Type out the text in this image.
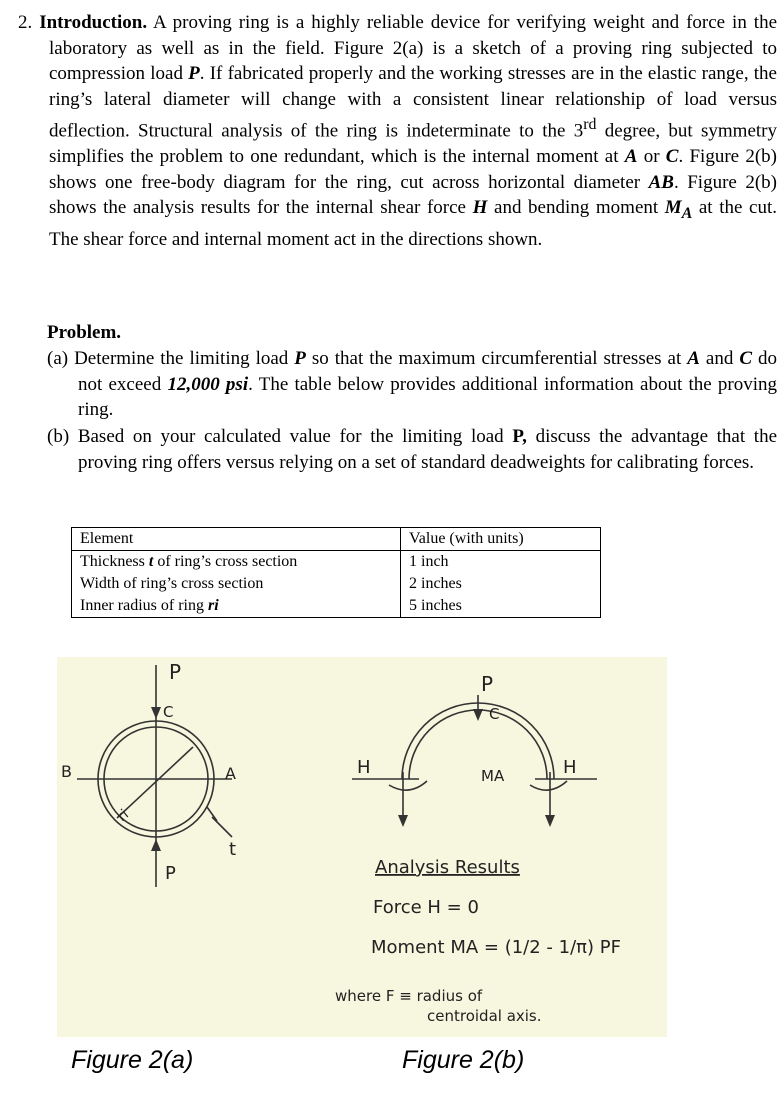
2. Introduction. A proving ring is a highly reliable device for verifying weight and force in the laboratory as well as in the field. Figure 2(a) is a sketch of a proving ring subjected to compression load P. If fabricated properly and the working stresses are in the elastic range, the ring’s lateral diameter will change with a consistent linear relationship of load versus deflection. Structural analysis of the ring is indeterminate to the 3rd degree, but symmetry simplifies the problem to one redundant, which is the internal moment at A or C. Figure 2(b) shows one free-body diagram for the ring, cut across horizontal diameter AB. Figure 2(b) shows the analysis results for the internal shear force H and bending moment $M_A$ at the cut. The shear force and internal moment act in the directions shown.
Problem.
(a) Determine the limiting load P so that the maximum circumferential stresses at A and C do not exceed 12,000 psi. The table below provides additional information about the proving ring.
(b) Based on your calculated value for the limiting load P, discuss the advantage that the proving ring offers versus relying on a set of standard deadweights for calibrating forces.
Element	Value (with units)
Thickness t of ring’s cross section	1 inch
Width of ring’s cross section	2 inches
Inner radius of ring ri	5 inches
P
C
B	A
ri
t
P
P
C
H	H
MA
Analysis Results
Force H = 0
Moment MA = (1/2 - 1/π) PF
where F ≡ radius of
centroidal axis.
Figure 2(a)	Figure 2(b)
